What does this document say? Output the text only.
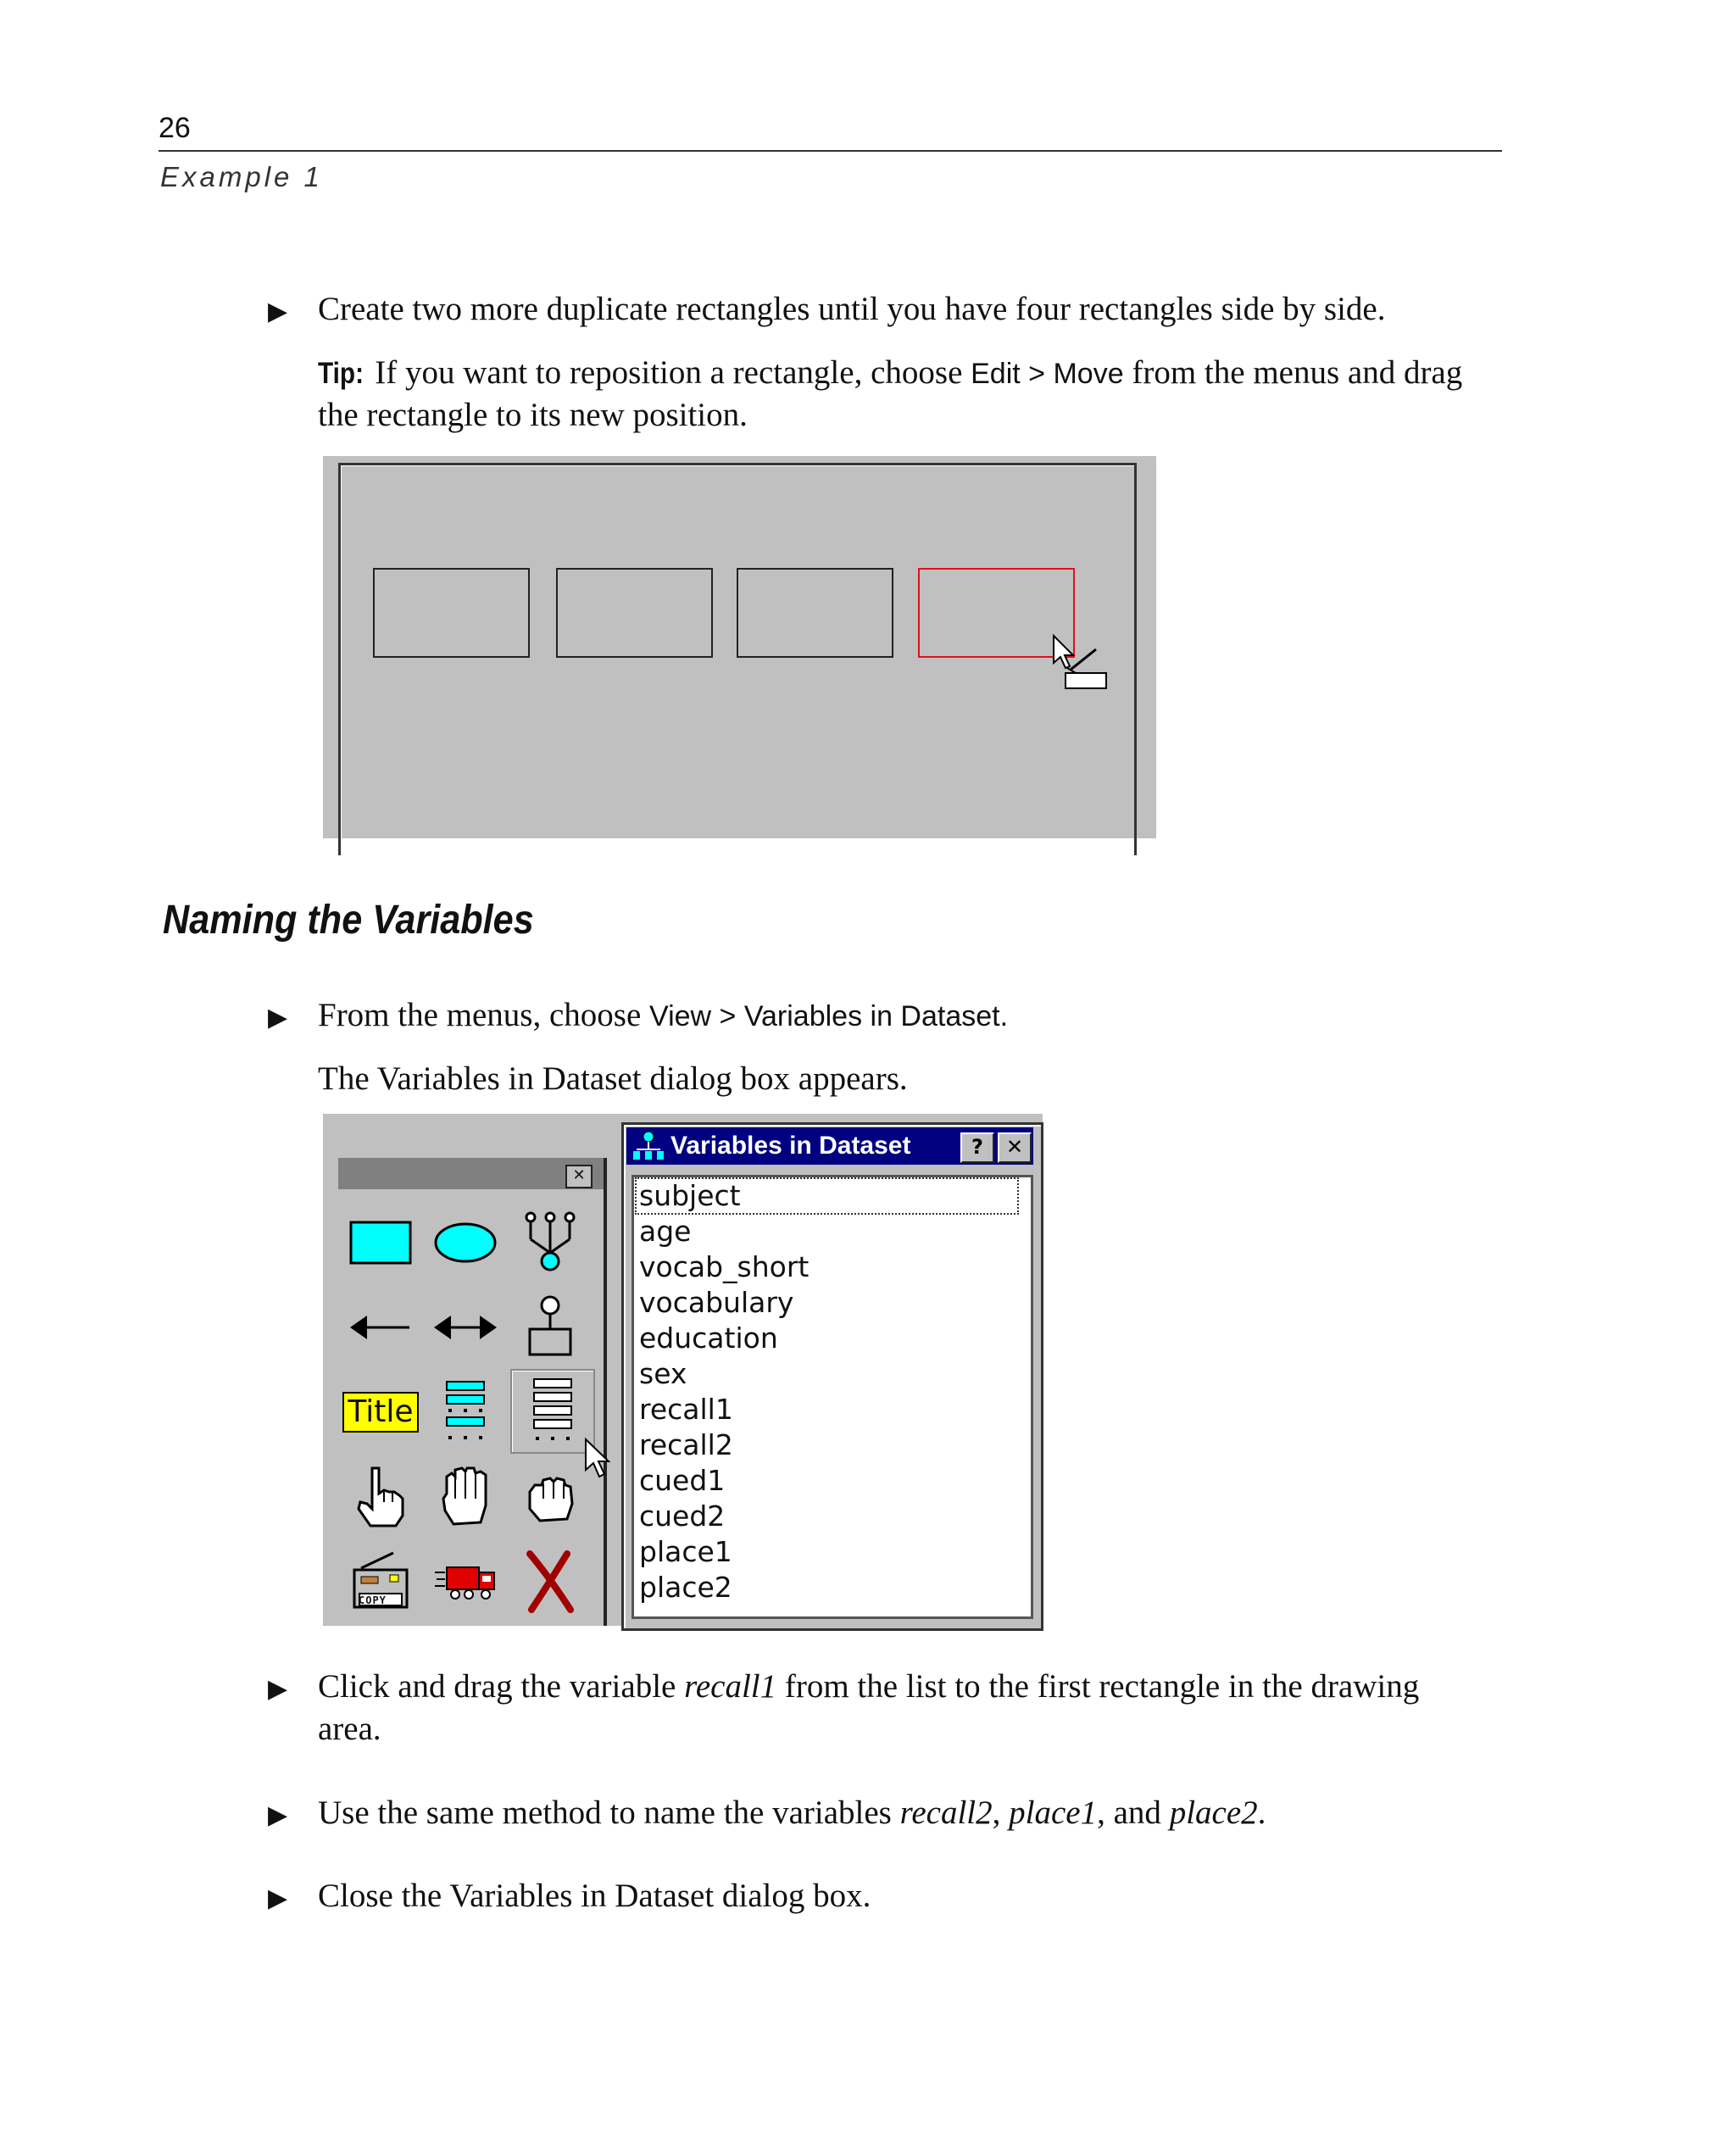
26
Example 1
▶ Create two more duplicate rectangles until you have four rectangles side by side.
Tip: If you want to reposition a rectangle, choose Edit > Move from the menus and drag
the rectangle to its new position.
Naming the Variables
▶ From the menus, choose View > Variables in Dataset.
The Variables in Dataset dialog box appears.
✕
Title
COPY
Variables in Dataset	?	✕
subject
age
vocab_short
vocabulary
education
sex
recall1
recall2
cued1
cued2
place1
place2
▶ Click and drag the variable recall1 from the list to the first rectangle in the drawing
area.
▶ Use the same method to name the variables recall2, place1, and place2.
▶ Close the Variables in Dataset dialog box.
